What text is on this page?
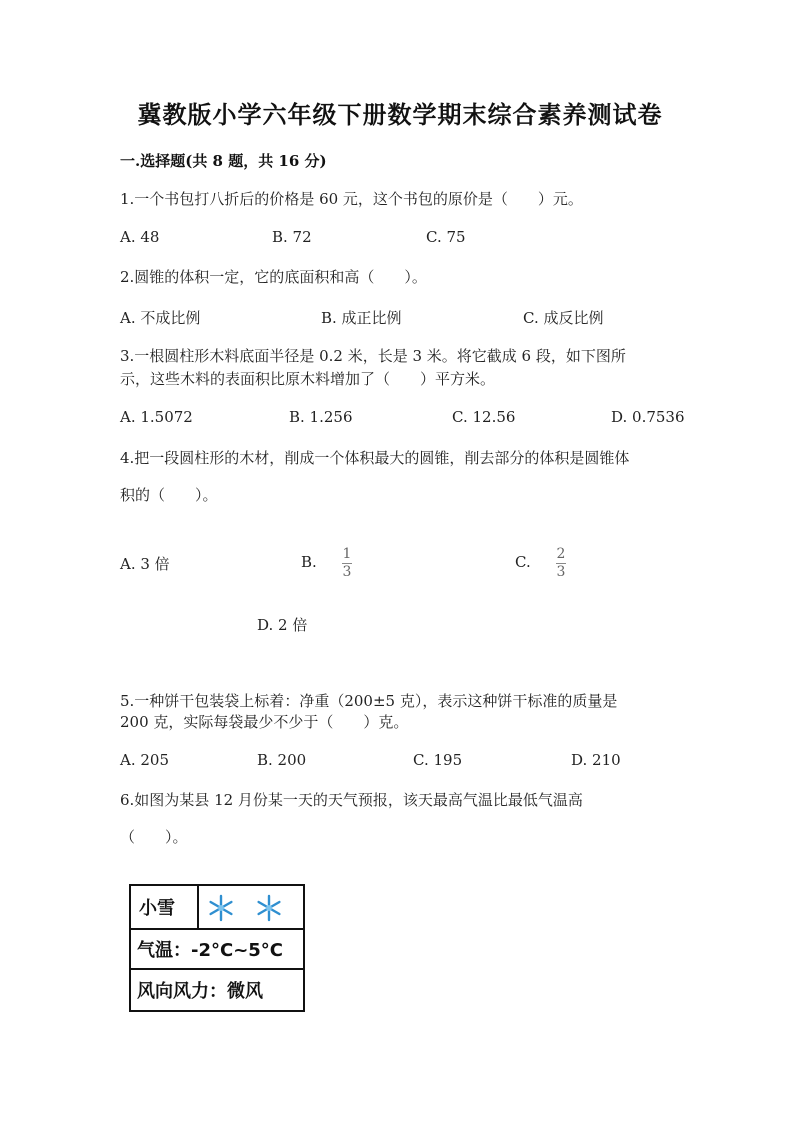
冀教版小学六年级下册数学期末综合素养测试卷
一.选择题(共 8 题，共 16 分)
1.一个书包打八折后的价格是 60 元，这个书包的原价是（　　）元。
A. 48	B. 72	C. 75
2.圆锥的体积一定，它的底面积和高（　　）。
A. 不成比例	B. 成正比例	C. 成反比例
3.一根圆柱形木料底面半径是 0.2 米，长是 3 米。将它截成 6 段，如下图所
示，这些木料的表面积比原木料增加了（　　）平方米。
A. 1.5072	B. 1.256	C. 12.56	D. 0.7536
4.把一段圆柱形的木材，削成一个体积最大的圆锥，削去部分的体积是圆锥体
积的（　　）。
A. 3 倍	B. 1
3
C. 2
3
D. 2 倍
5.一种饼干包装袋上标着：净重（200±5 克），表示这种饼干标准的质量是
200 克，实际每袋最少不少于（　　）克。
A. 205	B. 200	C. 195	D. 210
6.如图为某县 12 月份某一天的天气预报，该天最高气温比最低气温高
（　　）。
小雪
气温：-2°C~5°C
风向风力：微风
